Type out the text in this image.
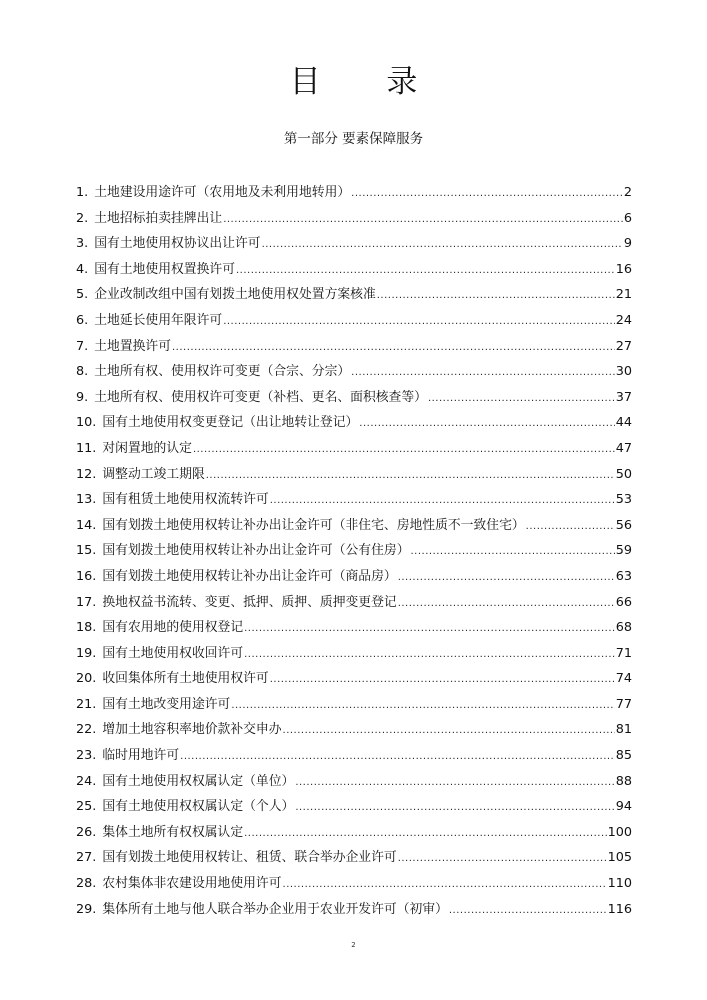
目 录
第一部分 要素保障服务
1. 土地建设用途许可（农用地及未利用地转用） .....	2
2. 土地招标拍卖挂牌出让 .....	6
3. 国有土地使用权协议出让许可 .....	9
4. 国有土地使用权置换许可 .....	16
5. 企业改制改组中国有划拨土地使用权处置方案核准 .....	21
6. 土地延长使用年限许可 .....	24
7. 土地置换许可 .....	27
8. 土地所有权、使用权许可变更（合宗、分宗） .....	30
9. 土地所有权、使用权许可变更（补档、更名、面积核查等） .....	37
10. 国有土地使用权变更登记（出让地转让登记） .....	44
11. 对闲置地的认定 .....	47
12. 调整动工竣工期限 .....	50
13. 国有租赁土地使用权流转许可 .....	53
14. 国有划拨土地使用权转让补办出让金许可（非住宅、房地性质不一致住宅） .....	56
15. 国有划拨土地使用权转让补办出让金许可（公有住房） .....	59
16. 国有划拨土地使用权转让补办出让金许可（商品房） .....	63
17. 换地权益书流转、变更、抵押、质押、质押变更登记 .....	66
18. 国有农用地的使用权登记 .....	68
19. 国有土地使用权收回许可 .....	71
20. 收回集体所有土地使用权许可 .....	74
21. 国有土地改变用途许可 .....	77
22. 增加土地容积率地价款补交申办 .....	81
23. 临时用地许可 .....	85
24. 国有土地使用权权属认定（单位） .....	88
25. 国有土地使用权权属认定（个人） .....	94
26. 集体土地所有权权属认定 .....	100
27. 国有划拨土地使用权转让、租赁、联合举办企业许可 .....	105
28. 农村集体非农建设用地使用许可 .....	110
29. 集体所有土地与他人联合举办企业用于农业开发许可（初审） .....	116
2
